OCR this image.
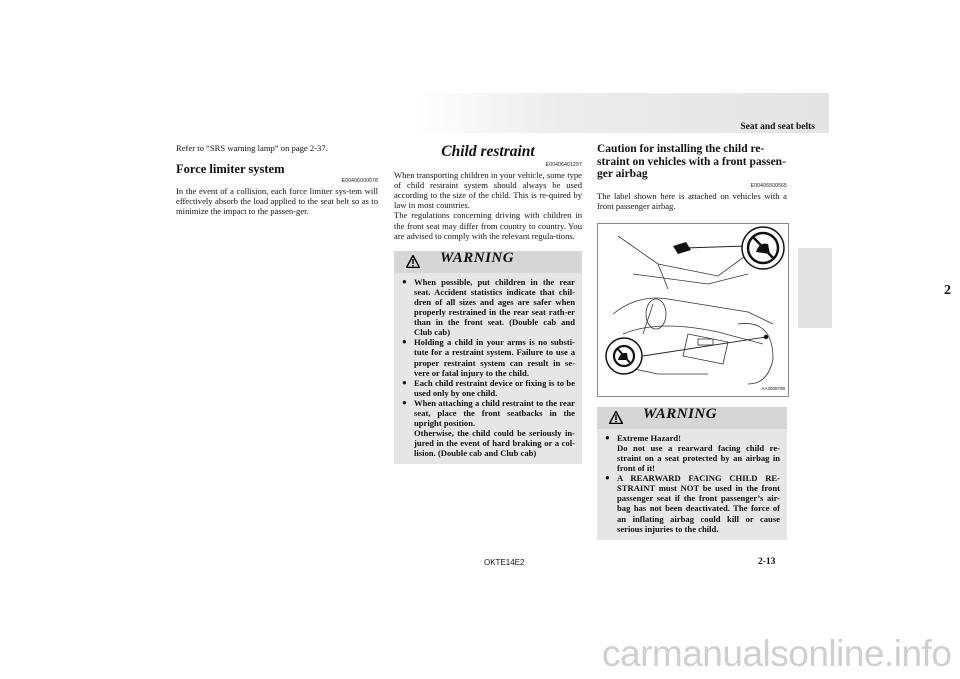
Seat and seat belts
2

Refer to “SRS warning lamp” on page 2-37.

Force limiter system
E00406000078

In the event of a collision, each force limiter sys-tem will effectively absorb the load applied to the seat belt so as to minimize the impact to the passen-ger.

Child restraint
E00406401297

When transporting children in your vehicle, some type of child restraint system should always be used according to the size of the child. This is re-quired by law in most countries.

The regulations concerning driving with children in the front seat may differ from country to country. You are advised to comply with the relevant regula-tions.

WARNING
● When possible, put children in the rear seat. Accident statistics indicate that chil-dren of all sizes and ages are safer when properly restrained in the rear seat rath-er than in the front seat. (Double cab and Club cab)
● Holding a child in your arms is no substi-tute for a restraint system. Failure to use a proper restraint system can result in se-vere or fatal injury to the child.
● Each child restraint device or fixing is to be used only by one child.
● When attaching a child restraint to the rear seat, place the front seatbacks in the upright position.
Otherwise, the child could be seriously in-jured in the event of hard braking or a col-lision. (Double cab and Club cab)
Caution for installing the child re-straint on vehicles with a front passen-ger airbag
E00406500565

The label shown here is attached on vehicles with a front passenger airbag.

AA3008799
WARNING
● Extreme Hazard!
Do not use a rearward facing child re-straint on a seat protected by an airbag in front of it!
● A REARWARD FACING CHILD RE-STRAINT must NOT be used in the front passenger seat if the front passenger’s air-bag has not been deactivated. The force of an inflating airbag could kill or cause serious injuries to the child.
OKTE14E2	2-13
carmanualsonline.info
